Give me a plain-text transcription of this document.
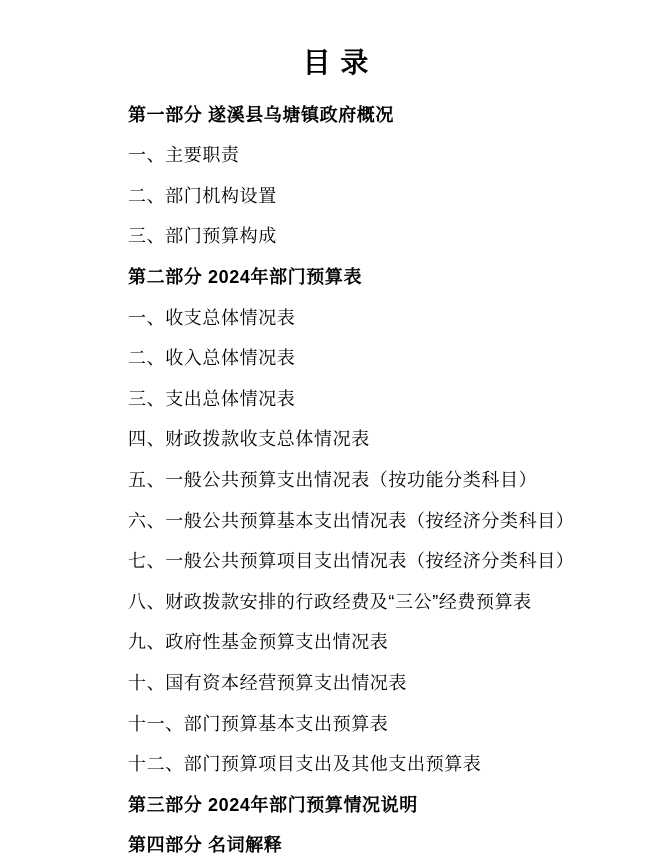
目 录

第一部分 遂溪县乌塘镇政府概况

一、主要职责

二、部门机构设置

三、部门预算构成

第二部分 2024年部门预算表

一、收支总体情况表

二、收入总体情况表

三、支出总体情况表

四、财政拨款收支总体情况表

五、一般公共预算支出情况表（按功能分类科目）

六、一般公共预算基本支出情况表（按经济分类科目）

七、一般公共预算项目支出情况表（按经济分类科目）

八、财政拨款安排的行政经费及“三公”经费预算表

九、政府性基金预算支出情况表

十、国有资本经营预算支出情况表

十一、部门预算基本支出预算表

十二、部门预算项目支出及其他支出预算表

第三部分 2024年部门预算情况说明

第四部分 名词解释
